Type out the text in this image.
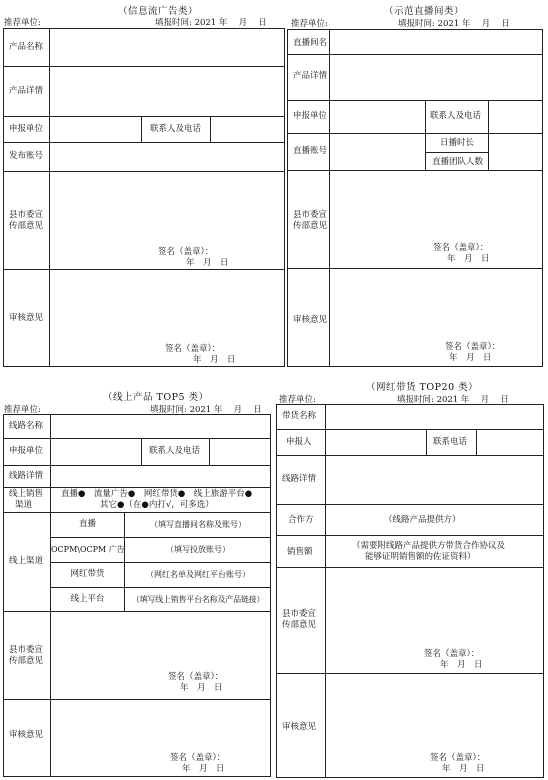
（信息流广告类）
推荐单位:	填报时间: 2021 年　 月　 日
产品名称
产品详情
申报单位	联系人及电话
发布账号
县市委宣
传部意见
签名（盖章）：
年　月　日
审核意见
签名（盖章）：
年　月　日
（示范直播间类）
推荐单位:	填报时间: 2021 年　 月　 日
直播间名
产品详情
申报单位	联系人及电话
直播账号
日播时长
直播团队人数
县市委宣
传部意见
签名（盖章）：
年　月　日
审核意见
签名（盖章）：
年　月　日
（线上产品 TOP5 类）
推荐单位:	填报时间: 2021 年　 月　 日
线路名称
申报单位	联系人及电话
线路详情
线上销售
渠道
直播●　流量广告●　网红带货●　线上旅游平台●
其它●（在●内打√，可多选）
线上渠道
直播	（填写直播间名称及账号）
OCPM\OCPM 广告	（填写投放账号）
网红带货	（网红名单及网红平台账号）
线上平台	（填写线上销售平台名称及产品链接）
县市委宣
传部意见
签名（盖章）：
年　月　日
审核意见
签名（盖章）：
年　月　日
（网红带货 TOP20 类）
推荐单位:	填报时间: 2021 年　 月　 日
带货名称
申报人	联系电话
线路详情
合作方	（线路产品提供方）
销售额
（需要附线路产品提供方带货合作协议及
能够证明销售额的佐证资料）
县市委宣
传部意见
签名（盖章）：
年　月　日
审核意见
签名（盖章）：
年　月　日
